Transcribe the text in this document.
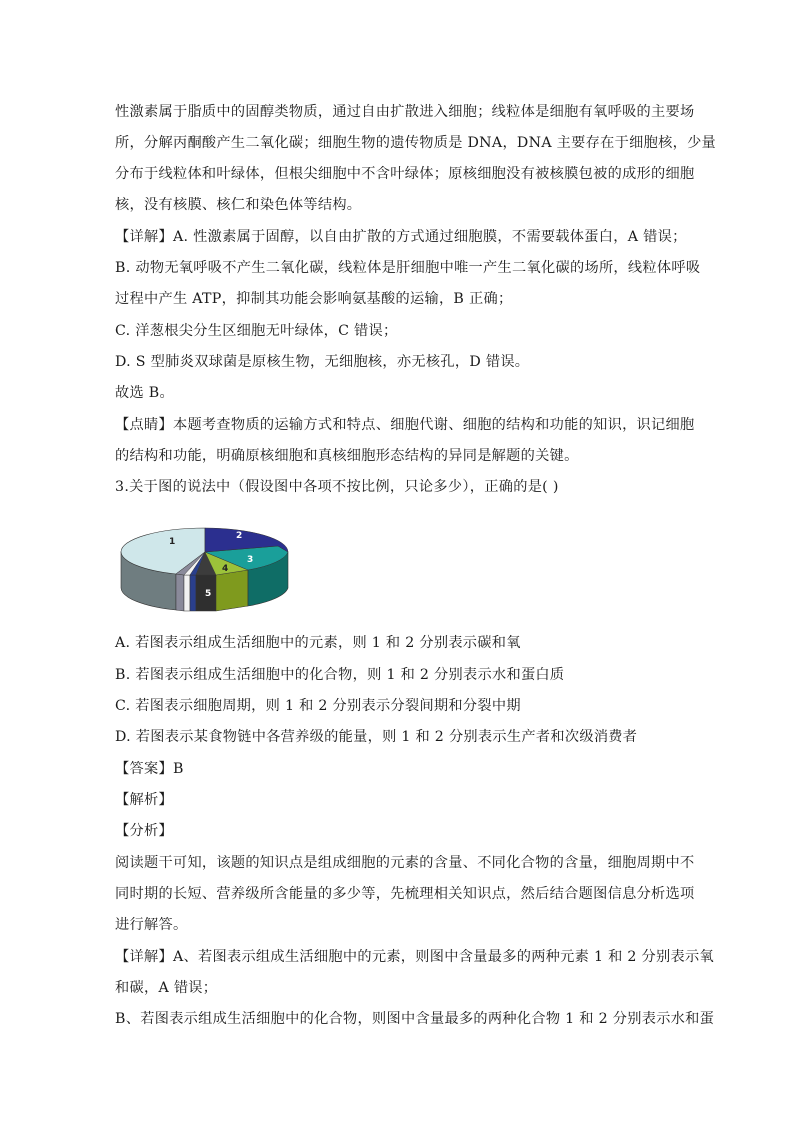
性激素属于脂质中的固醇类物质，通过自由扩散进入细胞；线粒体是细胞有氧呼吸的主要场
所，分解丙酮酸产生二氧化碳；细胞生物的遗传物质是 DNA，DNA 主要存在于细胞核，少量
分布于线粒体和叶绿体，但根尖细胞中不含叶绿体；原核细胞没有被核膜包被的成形的细胞
核，没有核膜、核仁和染色体等结构。
【详解】A. 性激素属于固醇，以自由扩散的方式通过细胞膜，不需要载体蛋白，A 错误；
B. 动物无氧呼吸不产生二氧化碳，线粒体是肝细胞中唯一产生二氧化碳的场所，线粒体呼吸
过程中产生 ATP，抑制其功能会影响氨基酸的运输，B 正确；
C. 洋葱根尖分生区细胞无叶绿体，C 错误；
D. S 型肺炎双球菌是原核生物，无细胞核，亦无核孔，D 错误。
故选 B。
【点睛】本题考查物质的运输方式和特点、细胞代谢、细胞的结构和功能的知识，识记细胞
的结构和功能，明确原核细胞和真核细胞形态结构的异同是解题的关键。
3.关于图的说法中（假设图中各项不按比例，只论多少），正确的是( )
1
2
3
4
5
A. 若图表示组成生活细胞中的元素，则 1 和 2 分别表示碳和氧
B. 若图表示组成生活细胞中的化合物，则 1 和 2 分别表示水和蛋白质
C. 若图表示细胞周期，则 1 和 2 分别表示分裂间期和分裂中期
D. 若图表示某食物链中各营养级的能量，则 1 和 2 分别表示生产者和次级消费者
【答案】B
【解析】
【分析】
阅读题干可知，该题的知识点是组成细胞的元素的含量、不同化合物的含量，细胞周期中不
同时期的长短、营养级所含能量的多少等，先梳理相关知识点，然后结合题图信息分析选项
进行解答。
【详解】A、若图表示组成生活细胞中的元素，则图中含量最多的两种元素 1 和 2 分别表示氧
和碳，A 错误；
B、若图表示组成生活细胞中的化合物，则图中含量最多的两种化合物 1 和 2 分别表示水和蛋
